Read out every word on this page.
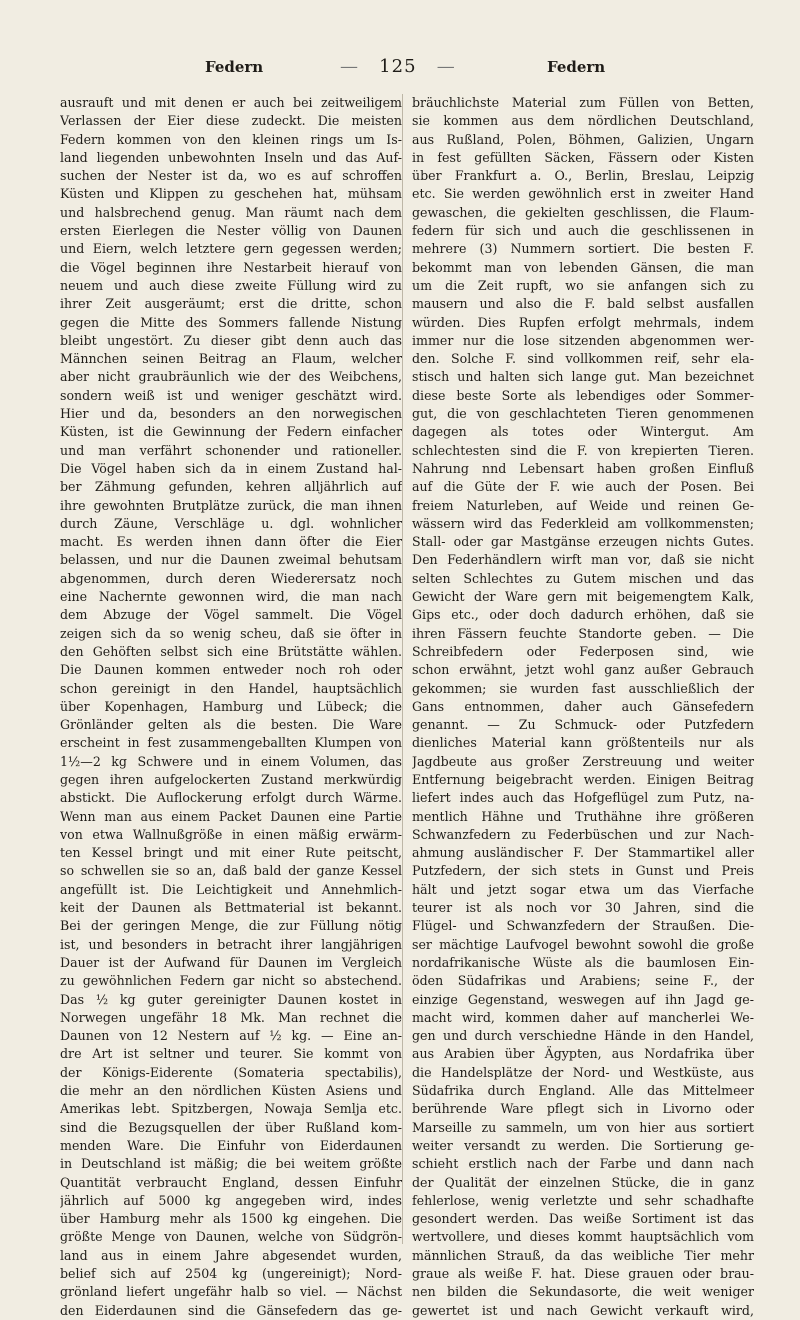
Federn	— 125 —	Federn
ausrauft und mit denen er auch bei zeitweiligem
Verlassen der Eier diese zudeckt. Die meisten
Federn kommen von den kleinen rings um Is-
land liegenden unbewohnten Inseln und das Auf-
suchen der Nester ist da, wo es auf schroffen
Küsten und Klippen zu geschehen hat, mühsam
und halsbrechend genug. Man räumt nach dem
ersten Eierlegen die Nester völlig von Daunen
und Eiern, welch letztere gern gegessen werden;
die Vögel beginnen ihre Nestarbeit hierauf von
neuem und auch diese zweite Füllung wird zu
ihrer Zeit ausgeräumt; erst die dritte, schon
gegen die Mitte des Sommers fallende Nistung
bleibt ungestört. Zu dieser gibt denn auch das
Männchen seinen Beitrag an Flaum, welcher
aber nicht graubräunlich wie der des Weibchens,
sondern weiß ist und weniger geschätzt wird.
Hier und da, besonders an den norwegischen
Küsten, ist die Gewinnung der Federn einfacher
und man verfährt schonender und rationeller.
Die Vögel haben sich da in einem Zustand hal-
ber Zähmung gefunden, kehren alljährlich auf
ihre gewohnten Brutplätze zurück, die man ihnen
durch Zäune, Verschläge u. dgl. wohnlicher
macht. Es werden ihnen dann öfter die Eier
belassen, und nur die Daunen zweimal behutsam
abgenommen, durch deren Wiederersatz noch
eine Nachernte gewonnen wird, die man nach
dem Abzuge der Vögel sammelt. Die Vögel
zeigen sich da so wenig scheu, daß sie öfter in
den Gehöften selbst sich eine Brütstätte wählen.
Die Daunen kommen entweder noch roh oder
schon gereinigt in den Handel, hauptsächlich
über Kopenhagen, Hamburg und Lübeck; die
Grönländer gelten als die besten. Die Ware
erscheint in fest zusammengeballten Klumpen von
1½—2 kg Schwere und in einem Volumen, das
gegen ihren aufgelockerten Zustand merkwürdig
abstickt. Die Auflockerung erfolgt durch Wärme.
Wenn man aus einem Packet Daunen eine Partie
von etwa Wallnußgröße in einen mäßig erwärm-
ten Kessel bringt und mit einer Rute peitscht,
so schwellen sie so an, daß bald der ganze Kessel
angefüllt ist. Die Leichtigkeit und Annehmlich-
keit der Daunen als Bettmaterial ist bekannt.
Bei der geringen Menge, die zur Füllung nötig
ist, und besonders in betracht ihrer langjährigen
Dauer ist der Aufwand für Daunen im Vergleich
zu gewöhnlichen Federn gar nicht so abstechend.
Das ½ kg guter gereinigter Daunen kostet in
Norwegen ungefähr 18 Mk. Man rechnet die
Daunen von 12 Nestern auf ½ kg. — Eine an-
dre Art ist seltner und teurer. Sie kommt von
der Königs-Eiderente (Somateria spectabilis),
die mehr an den nördlichen Küsten Asiens und
Amerikas lebt. Spitzbergen, Nowaja Semlja etc.
sind die Bezugsquellen der über Rußland kom-
menden Ware. Die Einfuhr von Eiderdaunen
in Deutschland ist mäßig; die bei weitem größte
Quantität verbraucht England, dessen Einfuhr
jährlich auf 5000 kg angegeben wird, indes
über Hamburg mehr als 1500 kg eingehen. Die
größte Menge von Daunen, welche von Südgrön-
land aus in einem Jahre abgesendet wurden,
belief sich auf 2504 kg (ungereinigt); Nord-
grönland liefert ungefähr halb so viel. — Nächst
den Eiderdaunen sind die Gänsefedern das ge-
bräuchlichste Material zum Füllen von Betten,
sie kommen aus dem nördlichen Deutschland,
aus Rußland, Polen, Böhmen, Galizien, Ungarn
in fest gefüllten Säcken, Fässern oder Kisten
über Frankfurt a. O., Berlin, Breslau, Leipzig
etc. Sie werden gewöhnlich erst in zweiter Hand
gewaschen, die gekielten geschlissen, die Flaum-
federn für sich und auch die geschlissenen in
mehrere (3) Nummern sortiert. Die besten F.
bekommt man von lebenden Gänsen, die man
um die Zeit rupft, wo sie anfangen sich zu
mausern und also die F. bald selbst ausfallen
würden. Dies Rupfen erfolgt mehrmals, indem
immer nur die lose sitzenden abgenommen wer-
den. Solche F. sind vollkommen reif, sehr ela-
stisch und halten sich lange gut. Man bezeichnet
diese beste Sorte als lebendiges oder Sommer-
gut, die von geschlachteten Tieren genommenen
dagegen als totes oder Wintergut. Am
schlechtesten sind die F. von krepierten Tieren.
Nahrung nnd Lebensart haben großen Einfluß
auf die Güte der F. wie auch der Posen. Bei
freiem Naturleben, auf Weide und reinen Ge-
wässern wird das Federkleid am vollkommensten;
Stall- oder gar Mastgänse erzeugen nichts Gutes.
Den Federhändlern wirft man vor, daß sie nicht
selten Schlechtes zu Gutem mischen und das
Gewicht der Ware gern mit beigemengtem Kalk,
Gips etc., oder doch dadurch erhöhen, daß sie
ihren Fässern feuchte Standorte geben. — Die
Schreibfedern oder Federposen sind, wie
schon erwähnt, jetzt wohl ganz außer Gebrauch
gekommen; sie wurden fast ausschließlich der
Gans entnommen, daher auch Gänsefedern
genannt. — Zu Schmuck- oder Putzfedern
dienliches Material kann größtenteils nur als
Jagdbeute aus großer Zerstreuung und weiter
Entfernung beigebracht werden. Einigen Beitrag
liefert indes auch das Hofgeflügel zum Putz, na-
mentlich Hähne und Truthähne ihre größeren
Schwanzfedern zu Federbüschen und zur Nach-
ahmung ausländischer F. Der Stammartikel aller
Putzfedern, der sich stets in Gunst und Preis
hält und jetzt sogar etwa um das Vierfache
teurer ist als noch vor 30 Jahren, sind die
Flügel- und Schwanzfedern der Straußen. Die-
ser mächtige Laufvogel bewohnt sowohl die große
nordafrikanische Wüste als die baumlosen Ein-
öden Südafrikas und Arabiens; seine F., der
einzige Gegenstand, weswegen auf ihn Jagd ge-
macht wird, kommen daher auf mancherlei We-
gen und durch verschiedne Hände in den Handel,
aus Arabien über Ägypten, aus Nordafrika über
die Handelsplätze der Nord- und Westküste, aus
Südafrika durch England. Alle das Mittelmeer
berührende Ware pflegt sich in Livorno oder
Marseille zu sammeln, um von hier aus sortiert
weiter versandt zu werden. Die Sortierung ge-
schieht erstlich nach der Farbe und dann nach
der Qualität der einzelnen Stücke, die in ganz
fehlerlose, wenig verletzte und sehr schadhafte
gesondert werden. Das weiße Sortiment ist das
wertvollere, und dieses kommt hauptsächlich vom
männlichen Strauß, da das weibliche Tier mehr
graue als weiße F. hat. Diese grauen oder brau-
nen bilden die Sekundasorte, die weit weniger
gewertet ist und nach Gewicht verkauft wird,
